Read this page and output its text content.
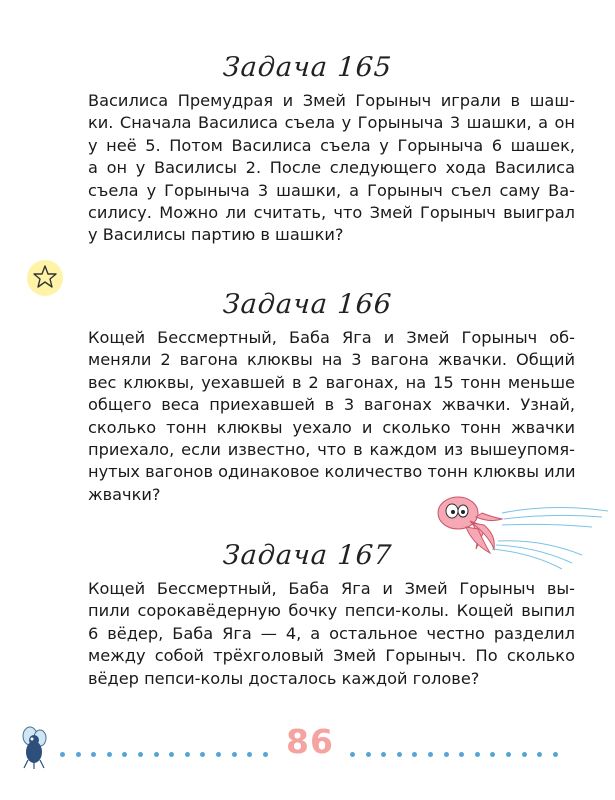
Задача 165
Василиса Премудрая и Змей Горыныч играли в шаш-
ки. Сначала Василиса съела у Горыныча 3 шашки, а он
у неё 5. Потом Василиса съела у Горыныча 6 шашек,
а он у Василисы 2. После следующего хода Василиса
съела у Горыныча 3 шашки, а Горыныч съел саму Ва-
силису. Можно ли считать, что Змей Горыныч выиграл
у Василисы партию в шашки?
Задача 166
Кощей Бессмертный, Баба Яга и Змей Горыныч об-
меняли 2 вагона клюквы на 3 вагона жвачки. Общий
вес клюквы, уехавшей в 2 вагонах, на 15 тонн меньше
общего веса приехавшей в 3 вагонах жвачки. Узнай,
сколько тонн клюквы уехало и сколько тонн жвачки
приехало, если известно, что в каждом из вышеупомя-
нутых вагонов одинаковое количество тонн клюквы или
жвачки?
Задача 167
Кощей Бессмертный, Баба Яга и Змей Горыныч вы-
пили сорокавёдерную бочку пепси-колы. Кощей выпил
6 вёдер, Баба Яга — 4, а остальное честно разделил
между собой трёхголовый Змей Горыныч. По сколько
вёдер пепси-колы досталось каждой голове?
86
